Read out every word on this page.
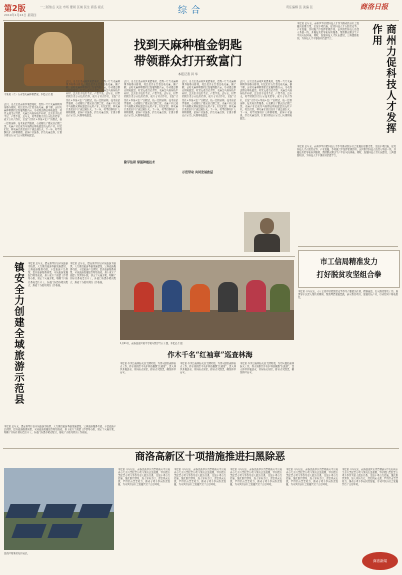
第2版
2019年1月24日 星期四
一二版焦点 关注 市场 要闻 区域 民生 商洛 视点	综合	责任编辑 张 美编 张	商洛日报
王某某（左）在查看天麻种植情况。本报记者 摄
找到天麻种植金钥匙
带领群众打开致富门
本报记者 肖 华
近日，记者走进商州区某镇某村，看到一片片天麻种植基地整齐排列，村民们正在忙着采收天麻。据了解，该村天麻种植面积已发展到数百亩，带动周边群众增收致富。村党支部书记介绍，天麻是当地传统中药材，过去由于技术不足，产量不高。近年来，村里积极引进专家技术指导，成立专业合作社，采取“合作社+基地+农户”的模式，统一提供菌种、技术和销售服务，有效解决了群众的后顾之忧。天麻产业已成为当地群众增收致富的支柱产业。村民们说，种天麻让我们的日子越过越红火。下一步，村里将继续扩大种植规模，延伸产业链条，打造天麻品牌，让更多群众在家门口实现增收致富。
近日，记者走进商州区某镇某村，看到一片片天麻种植基地整齐排列，村民们正在忙着采收天麻。据了解，该村天麻种植面积已发展到数百亩，带动周边群众增收致富。村党支部书记介绍，天麻是当地传统中药材，过去由于技术不足，产量不高。近年来，村里积极引进专家技术指导，成立专业合作社，采取“合作社+基地+农户”的模式，统一提供菌种、技术和销售服务，有效解决了群众的后顾之忧。天麻产业已成为当地群众增收致富的支柱产业。村民们说，种天麻让我们的日子越过越红火。下一步，村里将继续扩大种植规模，延伸产业链条，打造天麻品牌，让更多群众在家门口实现增收致富。
近日，记者走进商州区某镇某村，看到一片片天麻种植基地整齐排列，村民们正在忙着采收天麻。据了解，该村天麻种植面积已发展到数百亩，带动周边群众增收致富。村党支部书记介绍，天麻是当地传统中药材，过去由于技术不足，产量不高。近年来，村里积极引进专家技术指导，成立专业合作社，采取“合作社+基地+农户”的模式，统一提供菌种、技术和销售服务，有效解决了群众的后顾之忧。天麻产业已成为当地群众增收致富的支柱产业。村民们说，种天麻让我们的日子越过越红火。下一步，村里将继续扩大种植规模，延伸产业链条，打造天麻品牌，让更多群众在家门口实现增收致富。
近日，记者走进商州区某镇某村，看到一片片天麻种植基地整齐排列，村民们正在忙着采收天麻。据了解，该村天麻种植面积已发展到数百亩，带动周边群众增收致富。村党支部书记介绍，天麻是当地传统中药材，过去由于技术不足，产量不高。近年来，村里积极引进专家技术指导，成立专业合作社，采取“合作社+基地+农户”的模式，统一提供菌种、技术和销售服务，有效解决了群众的后顾之忧。天麻产业已成为当地群众增收致富的支柱产业。村民们说，种天麻让我们的日子越过越红火。下一步，村里将继续扩大种植规模，延伸产业链条，打造天麻品牌，让更多群众在家门口实现增收致富。
近日，记者走进商州区某镇某村，看到一片片天麻种植基地整齐排列，村民们正在忙着采收天麻。据了解，该村天麻种植面积已发展到数百亩，带动周边群众增收致富。村党支部书记介绍，天麻是当地传统中药材，过去由于技术不足，产量不高。近年来，村里积极引进专家技术指导，成立专业合作社，采取“合作社+基地+农户”的模式，统一提供菌种、技术和销售服务，有效解决了群众的后顾之忧。天麻产业已成为当地群众增收致富的支柱产业。村民们说，种天麻让我们的日子越过越红火。下一步，村里将继续扩大种植规模，延伸产业链条，打造天麻品牌，让更多群众在家门口实现增收致富。
勤学钻研 掌握种植技术
示范带动 共同发展致富
本报讯 近年来，商州区坚持把科技人才作为推动经济社会发展的重要力量，采取多项措施，促进科技人才在脱贫攻坚、产业发展、乡村振兴中发挥积极作用。该区组织科技人员深入基层一线，开展技术指导和培训服务，帮助群众解决生产中的实际困难。同时，加强科技人才队伍建设，完善激励机制，为科技人才干事创业搭建平台。	商州力促科技人才发挥作用
本报讯 近年来，商州区坚持把科技人才作为推动经济社会发展的重要力量，采取多项措施，促进科技人才在脱贫攻坚、产业发展、乡村振兴中发挥积极作用。该区组织科技人员深入基层一线，开展技术指导和培训服务，帮助群众解决生产中的实际困难。同时，加强科技人才队伍建设，完善激励机制，为科技人才干事创业搭建平台。
镇安全力创建全域旅游示范县	本报讯 近年来，镇安县坚持以全域旅游为统领，大力推进旅游基础设施建设，完善旅游服务功能，丰富旅游产品供给，提升旅游服务质量，全域旅游发展取得明显成效。县上成立了创建工作领导小组，制定了实施方案，明确了目标任务和责任分工。各部门各镇办紧密配合，形成了齐抓共管的工作格局。
本报讯 近年来，镇安县坚持以全域旅游为统领，大力推进旅游基础设施建设，完善旅游服务功能，丰富旅游产品供给，提升旅游服务质量，全域旅游发展取得明显成效。县上成立了创建工作领导小组，制定了实施方案，明确了目标任务和责任分工。各部门各镇办紧密配合，形成了齐抓共管的工作格局。
本报讯 近年来，镇安县坚持以全域旅游为统领，大力推进旅游基础设施建设，完善旅游服务功能，丰富旅游产品供给，提升旅游服务质量，全域旅游发展取得明显成效。县上成立了创建工作领导小组，制定了实施方案，明确了目标任务和责任分工。各部门各镇办紧密配合，形成了齐抓共管的工作格局。
1月21日，商洛高新区某中学某年级学生在上课。本报记者 摄
作木千名“红袖章”巡查林海
本报讯 冬季是森林防火的关键时期，为切实做好森林防火工作，柞水县组织千名护林员佩戴“红袖章”，深入林区开展巡查，宣传防火知识，排查火灾隐患，确保林区安全。
本报讯 冬季是森林防火的关键时期，为切实做好森林防火工作，柞水县组织千名护林员佩戴“红袖章”，深入林区开展巡查，宣传防火知识，排查火灾隐患，确保林区安全。
本报讯 冬季是森林防火的关键时期，为切实做好森林防火工作，柞水县组织千名护林员佩戴“红袖章”，深入林区开展巡查，宣传防火知识，排查火灾隐患，确保林区安全。
市工信局精准发力
打好脱贫攻坚组合拳
本报讯 今年以来，市工信局坚持把脱贫攻坚作为首要政治任务，精准施策，扎实推进帮扶工作。局领导多次深入帮扶村调研，帮助理清发展思路，落实帮扶项目，发展特色产业，带动贫困户增收脱贫。
商洛高新区十项措施推进扫黑除恶
高新区某某村光伏电站。
本报讯 今年以来，商洛高新区认真贯彻落实中央和省市关于扫黑除恶专项斗争的决策部署，坚持把扫黑除恶专项斗争作为重大政治任务，采取十项有力措施，强化组织领导，加大宣传力度，深挖线索来源，严厉打击黑恶势力，推动专项斗争向纵深发展，为全区经济社会发展营造了良好环境。
本报讯 今年以来，商洛高新区认真贯彻落实中央和省市关于扫黑除恶专项斗争的决策部署，坚持把扫黑除恶专项斗争作为重大政治任务，采取十项有力措施，强化组织领导，加大宣传力度，深挖线索来源，严厉打击黑恶势力，推动专项斗争向纵深发展，为全区经济社会发展营造了良好环境。
本报讯 今年以来，商洛高新区认真贯彻落实中央和省市关于扫黑除恶专项斗争的决策部署，坚持把扫黑除恶专项斗争作为重大政治任务，采取十项有力措施，强化组织领导，加大宣传力度，深挖线索来源，严厉打击黑恶势力，推动专项斗争向纵深发展，为全区经济社会发展营造了良好环境。
本报讯 今年以来，商洛高新区认真贯彻落实中央和省市关于扫黑除恶专项斗争的决策部署，坚持把扫黑除恶专项斗争作为重大政治任务，采取十项有力措施，强化组织领导，加大宣传力度，深挖线索来源，严厉打击黑恶势力，推动专项斗争向纵深发展，为全区经济社会发展营造了良好环境。
本报讯 今年以来，商洛高新区认真贯彻落实中央和省市关于扫黑除恶专项斗争的决策部署，坚持把扫黑除恶专项斗争作为重大政治任务，采取十项有力措施，强化组织领导，加大宣传力度，深挖线索来源，严厉打击黑恶势力，推动专项斗争向纵深发展，为全区经济社会发展营造了良好环境。
商洛新闻
